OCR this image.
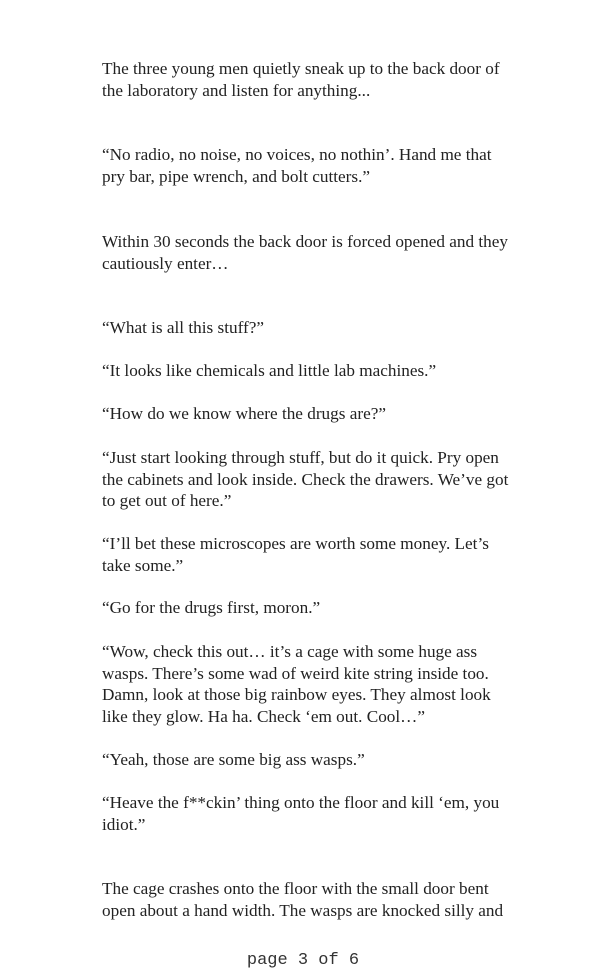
The three young men quietly sneak up to the back door of
the laboratory and listen for anything...

“No radio, no noise, no voices, no nothin’. Hand me that
pry bar, pipe wrench, and bolt cutters.”

Within 30 seconds the back door is forced opened and they
cautiously enter…

“What is all this stuff?”

“It looks like chemicals and little lab machines.”

“How do we know where the drugs are?”

“Just start looking through stuff, but do it quick. Pry open
the cabinets and look inside. Check the drawers. We’ve got
to get out of here.”

“I’ll bet these microscopes are worth some money. Let’s
take some.”

“Go for the drugs first, moron.”

“Wow, check this out… it’s a cage with some huge ass
wasps. There’s some wad of weird kite string inside too.
Damn, look at those big rainbow eyes. They almost look
like they glow. Ha ha. Check ‘em out. Cool…”

“Yeah, those are some big ass wasps.”

“Heave the f**ckin’ thing onto the floor and kill ‘em, you
idiot.”

The cage crashes onto the floor with the small door bent
open about a hand width. The wasps are knocked silly and

page 3 of 6
